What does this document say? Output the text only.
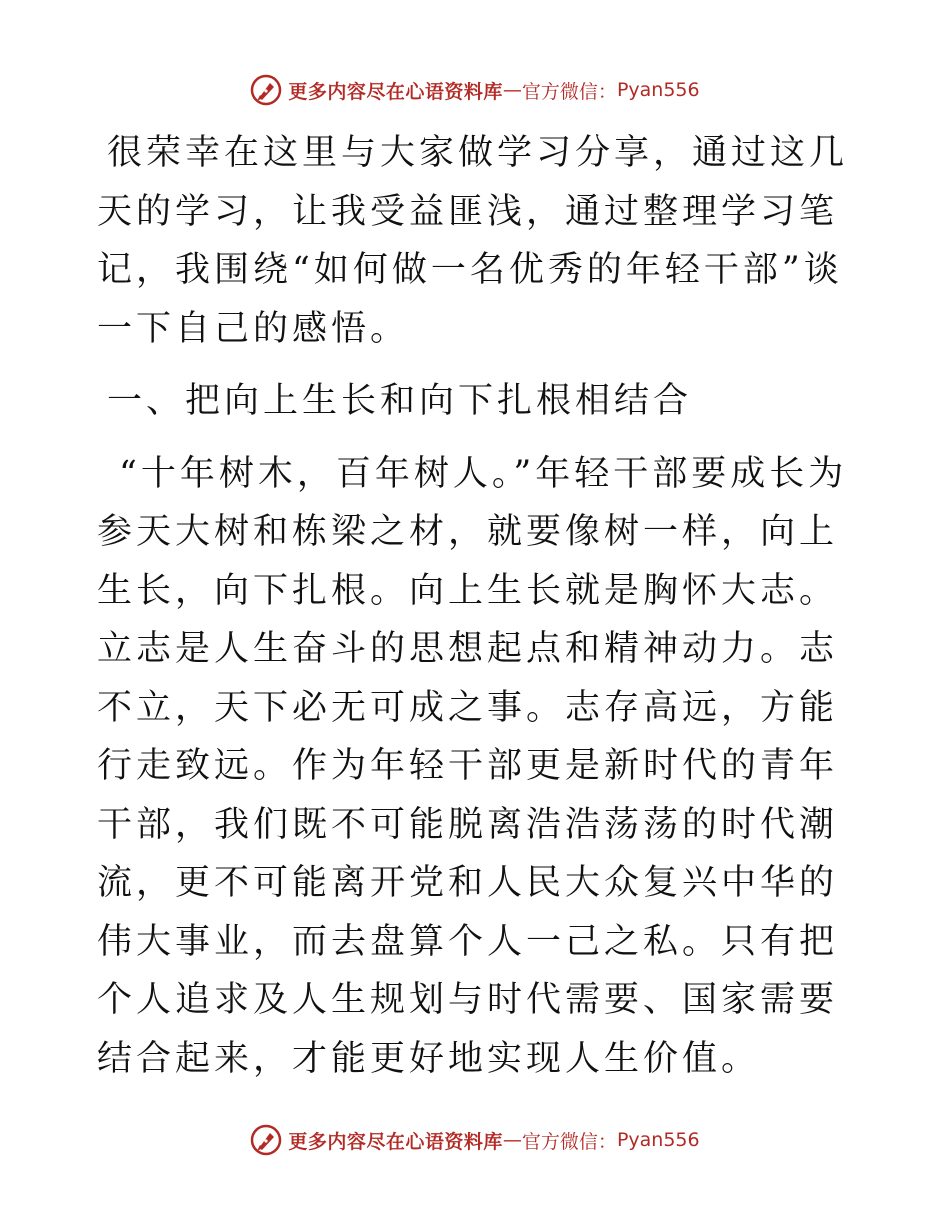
更多内容尽在心语资料库 — 官方微信： Pyan556

很荣幸在这里与大家做学习分享，通过这几天的学习，让我受益匪浅，通过整理学习笔记，我围绕“如何做一名优秀的年轻干部”谈一下自己的感悟。

一、把向上生长和向下扎根相结合

“十年树木，百年树人。”年轻干部要成长为参天大树和栋梁之材，就要像树一样，向上生长，向下扎根。向上生长就是胸怀大志。立志是人生奋斗的思想起点和精神动力。志不立，天下必无可成之事。志存高远，方能行走致远。作为年轻干部更是新时代的青年干部，我们既不可能脱离浩浩荡荡的时代潮流，更不可能离开党和人民大众复兴中华的伟大事业，而去盘算个人一己之私。只有把个人追求及人生规划与时代需要、国家需要结合起来，才能更好地实现人生价值。

更多内容尽在心语资料库 — 官方微信： Pyan556
